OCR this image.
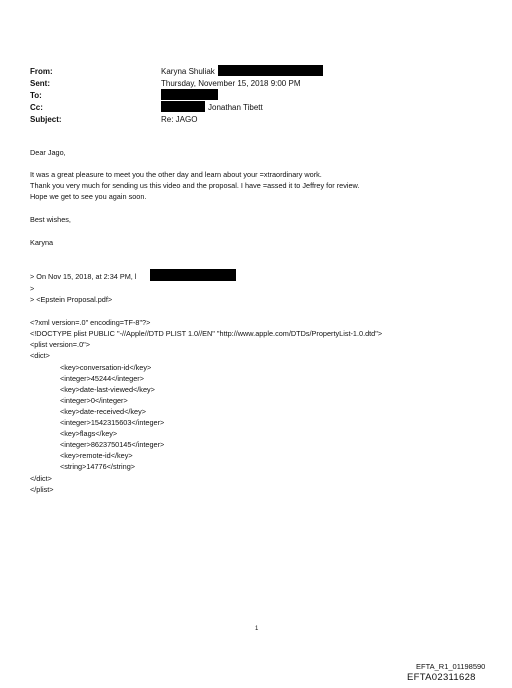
From:	Karyna Shuliak
Sent:	Thursday, November 15, 2018 9:00 PM
To:
Cc:	Jonathan Tibett
Subject:	Re: JAGO
Dear Jago,
It was a great pleasure to meet you the other day and learn about your =xtraordinary work.
Thank you very much for sending us this video and the proposal. I have =assed it to Jeffrey for review.
Hope we get to see you again soon.
Best wishes,
Karyna
> On Nov 15, 2018, at 2:34 PM, l
>
> <Epstein Proposal.pdf>
<?xml version=.0" encoding=TF-8"?>
<!DOCTYPE plist PUBLIC "-//Apple//DTD PLIST 1.0//EN" "http://www.apple.com/DTDs/PropertyList-1.0.dtd">
<plist version=.0">
<dict>
<key>conversation-id</key>
<integer>45244</integer>
<key>date-last-viewed</key>
<integer>0</integer>
<key>date-received</key>
<integer>1542315603</integer>
<key>flags</key>
<integer>8623750145</integer>
<key>remote-id</key>
<string>14776</string>
</dict>
</plist>
1
EFTA_R1_01198590
EFTA02311628
